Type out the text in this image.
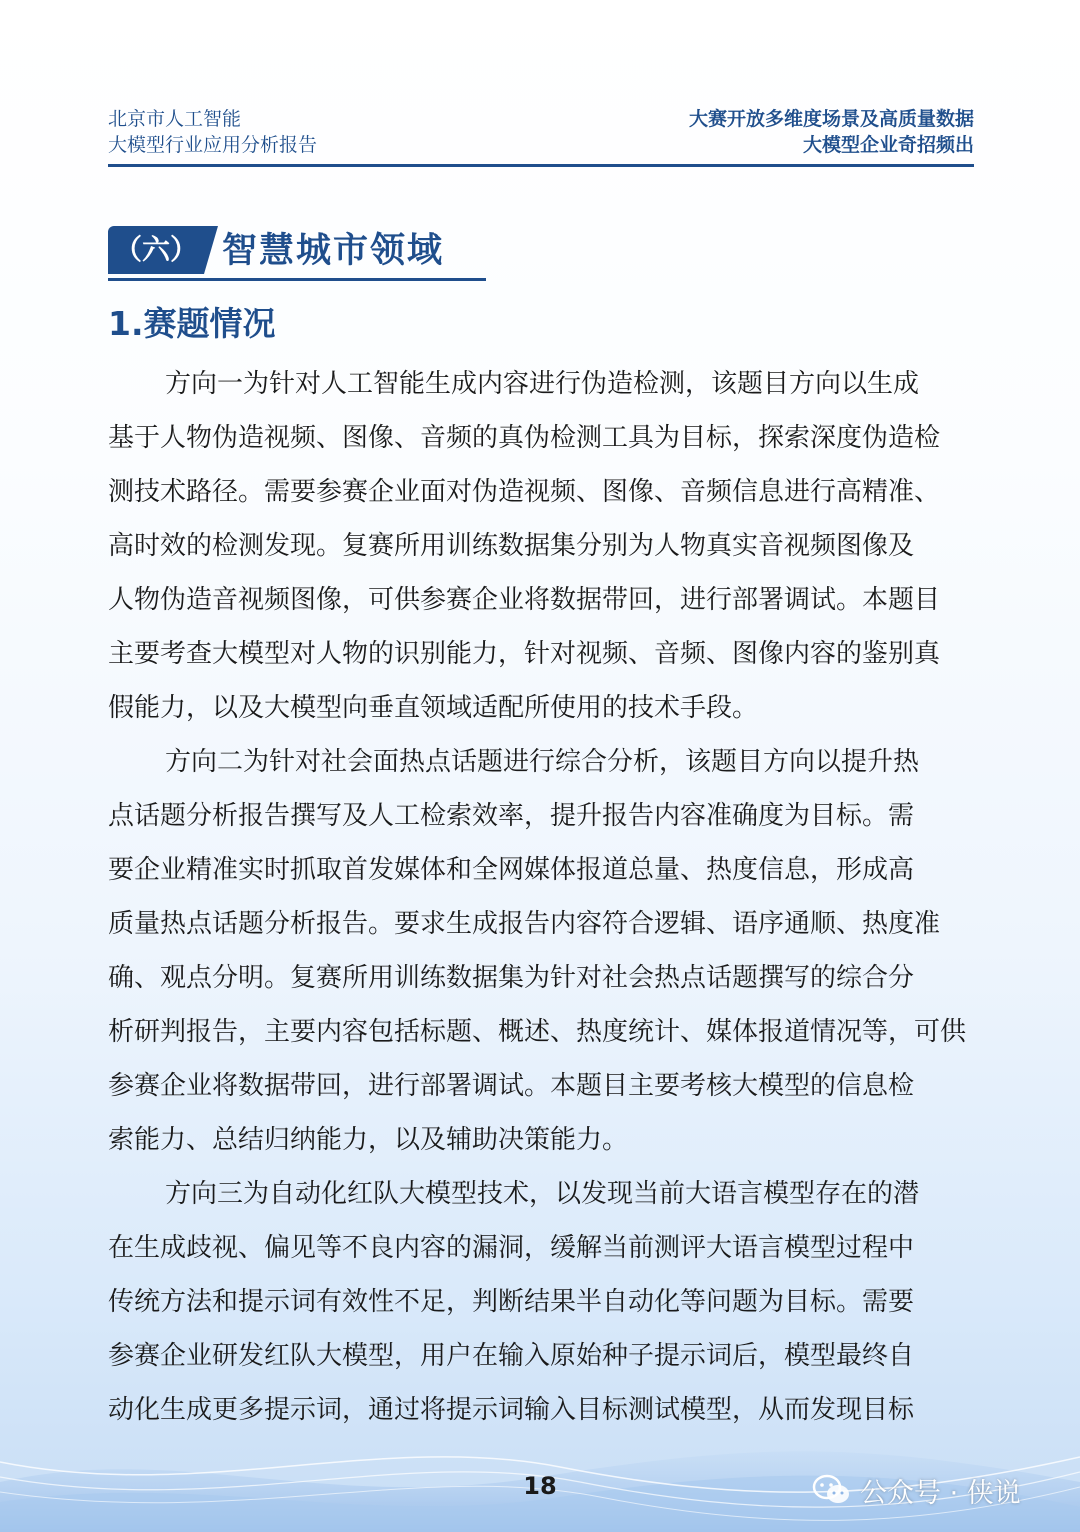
北京市人工智能
大模型行业应用分析报告
大赛开放多维度场景及高质量数据
大模型企业奇招频出
（六） 智慧城市领域
1.赛题情况
方向一为针对人工智能生成内容进行伪造检测，该题目方向以生成
基于人物伪造视频、图像、音频的真伪检测工具为目标，探索深度伪造检
测技术路径。需要参赛企业面对伪造视频、图像、音频信息进行高精准、
高时效的检测发现。复赛所用训练数据集分别为人物真实音视频图像及
人物伪造音视频图像，可供参赛企业将数据带回，进行部署调试。本题目
主要考查大模型对人物的识别能力，针对视频、音频、图像内容的鉴别真
假能力，以及大模型向垂直领域适配所使用的技术手段。
方向二为针对社会面热点话题进行综合分析，该题目方向以提升热
点话题分析报告撰写及人工检索效率，提升报告内容准确度为目标。需
要企业精准实时抓取首发媒体和全网媒体报道总量、热度信息，形成高
质量热点话题分析报告。要求生成报告内容符合逻辑、语序通顺、热度准
确、观点分明。复赛所用训练数据集为针对社会热点话题撰写的综合分
析研判报告，主要内容包括标题、概述、热度统计、媒体报道情况等，可供
参赛企业将数据带回，进行部署调试。本题目主要考核大模型的信息检
索能力、总结归纳能力，以及辅助决策能力。
方向三为自动化红队大模型技术，以发现当前大语言模型存在的潜
在生成歧视、偏见等不良内容的漏洞，缓解当前测评大语言模型过程中
传统方法和提示词有效性不足，判断结果半自动化等问题为目标。需要
参赛企业研发红队大模型，用户在输入原始种子提示词后，模型最终自
动化生成更多提示词，通过将提示词输入目标测试模型，从而发现目标
18	公众号 · 侠说
